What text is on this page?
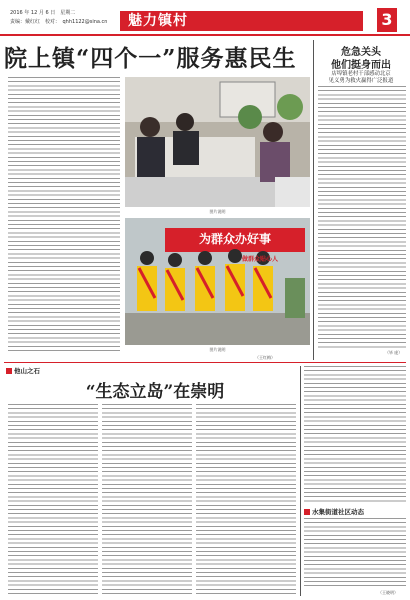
2016 年 12 月 6 日　星期二
责编：戴红红　校对：　qhh1122@sina.cn 魅力镇村	3
院上镇“四个一”服务惠民生
图片说明
为群众办好事
做群众贴心人
图片说明
（王红梅）
危急关头
他们挺身而出
店埠镇老村干部感动北京
见义勇为救火赢得广泛报道
（毕 庞）
他山之石
“生态立岛”在崇明
水集街道社区动态
（王晓明）
